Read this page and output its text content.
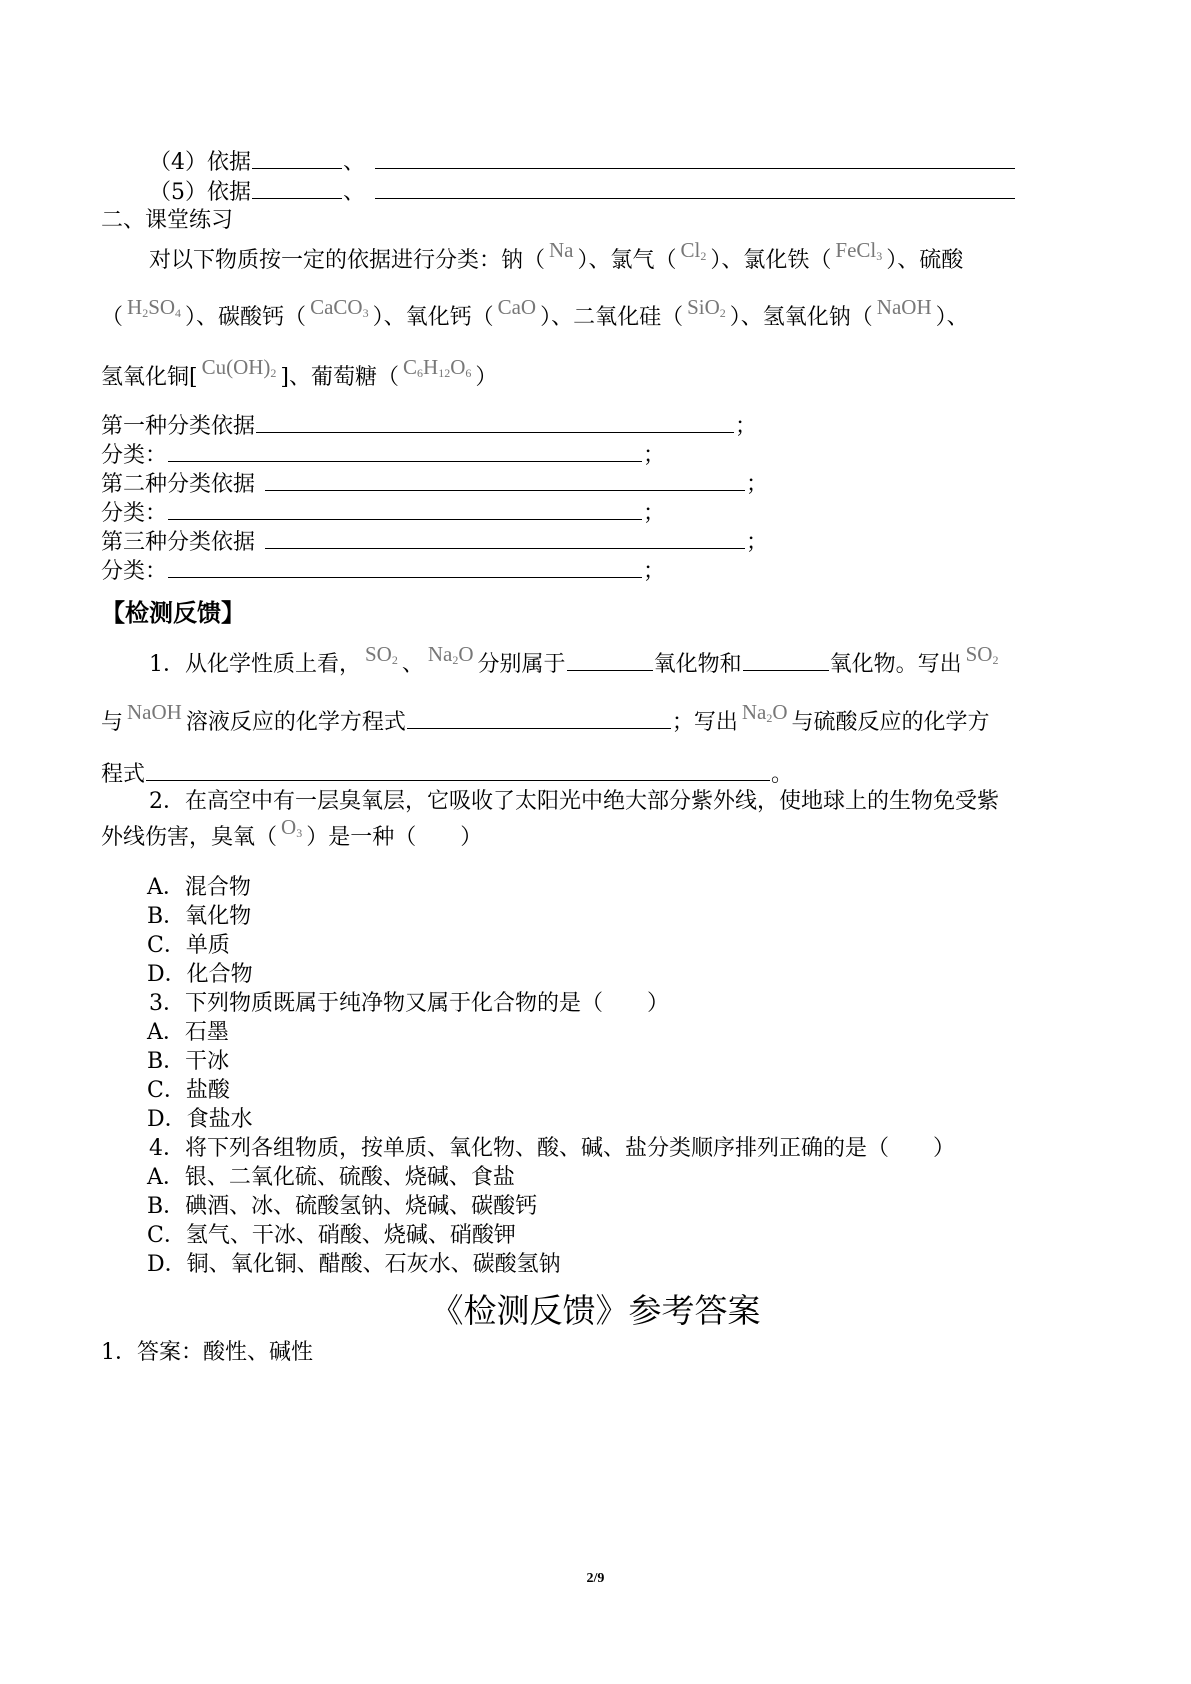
（4）依据	、
（5）依据	、
二、课堂练习
对以下物质按一定的依据进行分类：钠（ Na ）、氯气（ $Cl_2$ ）、氯化铁（ FeCl$_3$ ）、硫酸
（ $H_2SO_4$ ）、碳酸钙（ CaCO$_3$ ）、氧化钙（ CaO ）、二氧化硅（ SiO$_2$ ）、氢氧化钠（ NaOH ）、
氢氧化铜[ $Cu(OH)_2$ ]、葡萄糖（ $C_6H_{12}O_6$ ）
第一种分类依据	；
分类：	；
第二种分类依据	；
分类：	；
第三种分类依据	；
分类：	；
【检测反馈】
1．从化学性质上看， $SO_2$ 、 $Na_2O$ 分别属于	氧化物和	氧化物。写出 $SO_2$
与 NaOH 溶液反应的化学方程式	；写出 $Na_2O$ 与硫酸反应的化学方
程式	。
2．在高空中有一层臭氧层，它吸收了太阳光中绝大部分紫外线，使地球上的生物免受紫
外线伤害，臭氧（ $O_3$ ）是一种（　　）
A．混合物
B．氧化物
C．单质
D．化合物
3．下列物质既属于纯净物又属于化合物的是（　　）
A．石墨
B．干冰
C．盐酸
D．食盐水
4．将下列各组物质，按单质、氧化物、酸、碱、盐分类顺序排列正确的是（　　）
A．银、二氧化硫、硫酸、烧碱、食盐
B．碘酒、冰、硫酸氢钠、烧碱、碳酸钙
C．氢气、干冰、硝酸、烧碱、硝酸钾
D．铜、氧化铜、醋酸、石灰水、碳酸氢钠
《检测反馈》参考答案
1．答案：酸性、碱性
2/9
